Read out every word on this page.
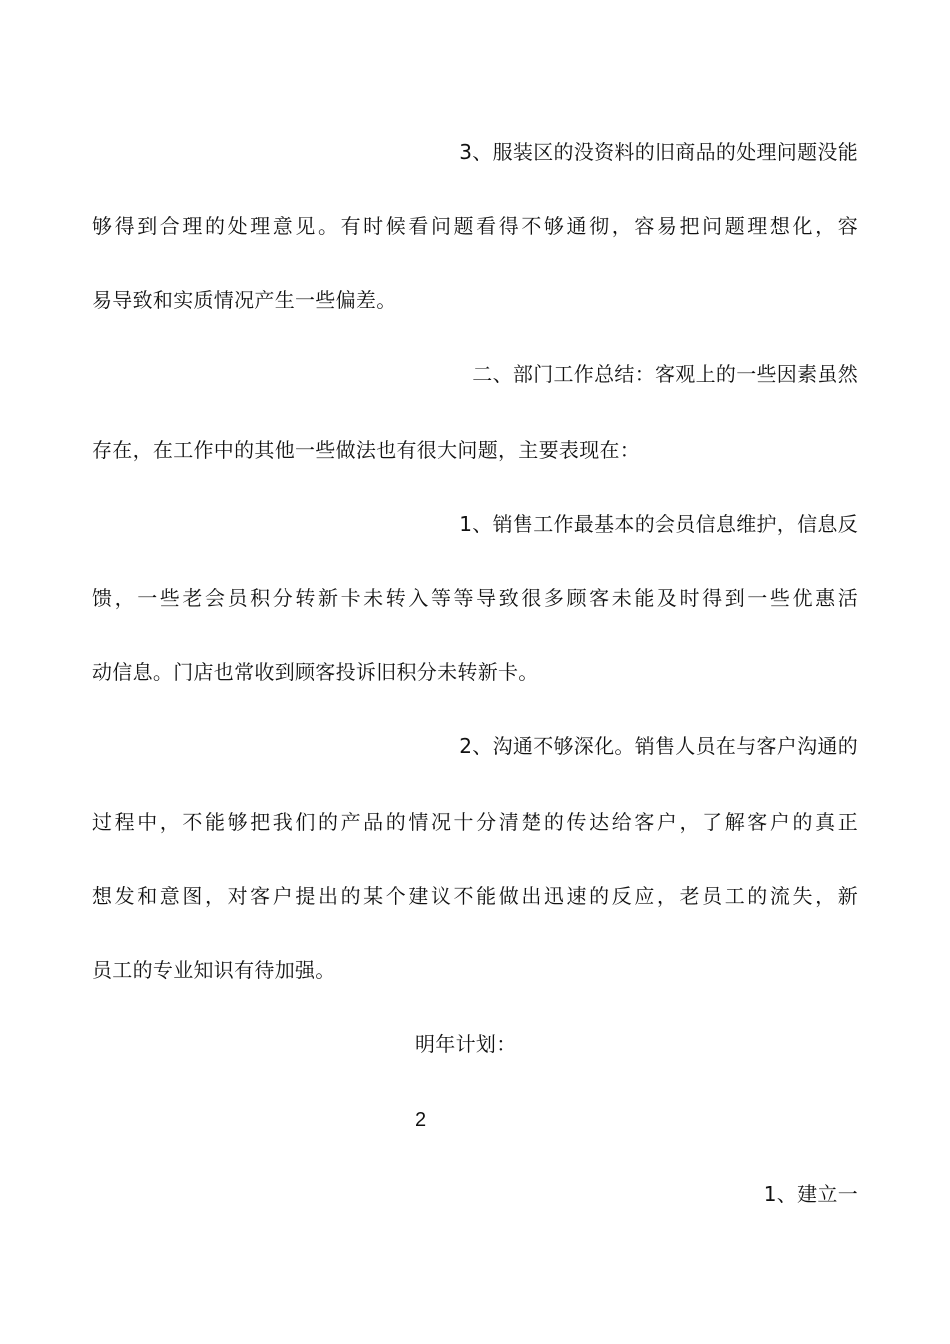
3、服装区的没资料的旧商品的处理问题没能
够得到合理的处理意见。有时候看问题看得不够通彻，容易把问题理想化，容
易导致和实质情况产生一些偏差。
二、部门工作总结：客观上的一些因素虽然
存在，在工作中的其他一些做法也有很大问题，主要表现在：
1、销售工作最基本的会员信息维护，信息反
馈，一些老会员积分转新卡未转入等等导致很多顾客未能及时得到一些优惠活
动信息。门店也常收到顾客投诉旧积分未转新卡。
2、沟通不够深化。销售人员在与客户沟通的
过程中，不能够把我们的产品的情况十分清楚的传达给客户，了解客户的真正
想发和意图，对客户提出的某个建议不能做出迅速的反应，老员工的流失，新
员工的专业知识有待加强。
明年计划：
2
1、建立一
